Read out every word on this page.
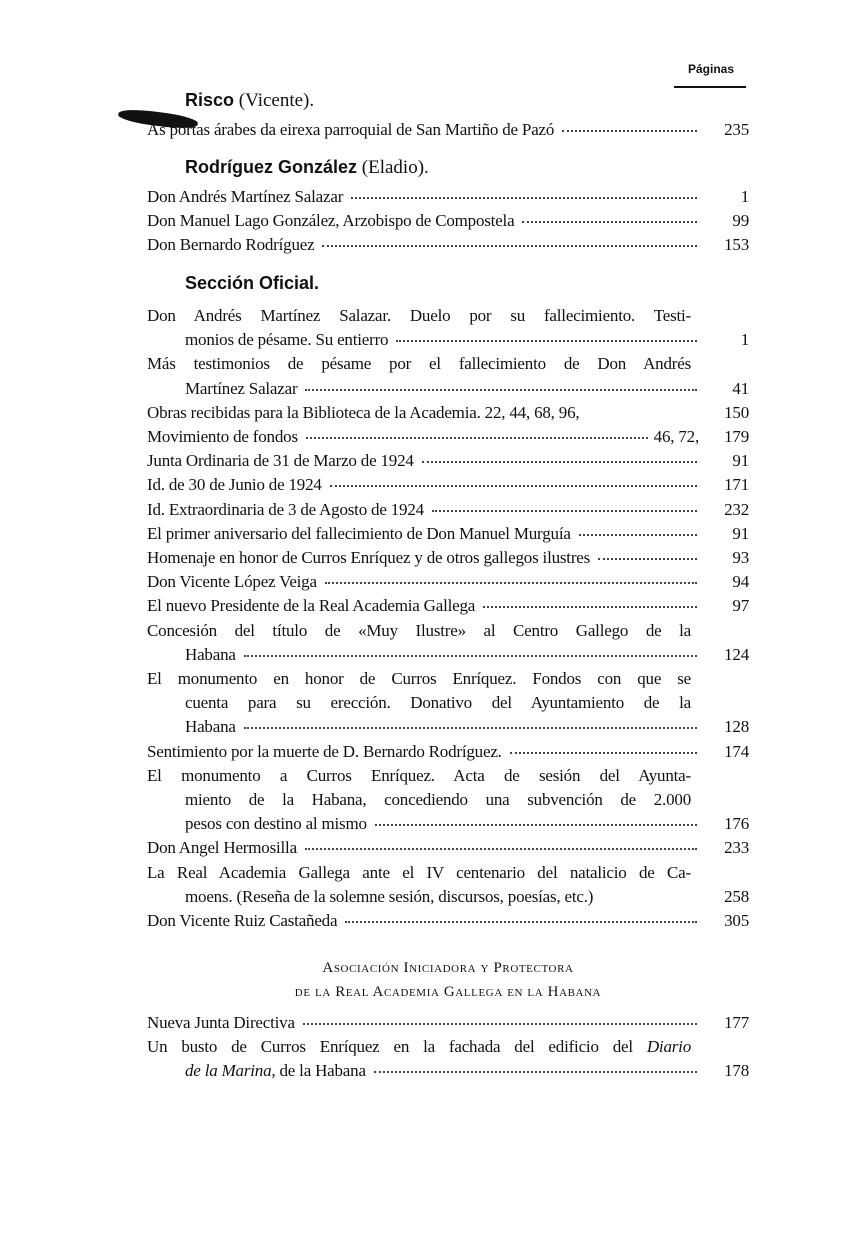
Páginas
Risco (Vicente).
As portas árabes da eirexa parroquial de San Martiño de Pazó	235
Rodríguez González (Eladio).
Don Andrés Martínez Salazar	1
Don Manuel Lago González, Arzobispo de Compostela	99
Don Bernardo Rodríguez	153
Sección Oficial.
Don Andrés Martínez Salazar. Duelo por su fallecimiento. Testi-
monios de pésame. Su entierro	1
Más testimonios de pésame por el fallecimiento de Don Andrés
Martínez Salazar	41
Obras recibidas para la Biblioteca de la Academia. 22, 44, 68, 96,	150
Movimiento de fondos	46, 72,	179
Junta Ordinaria de 31 de Marzo de 1924	91
Id. de 30 de Junio de 1924	171
Id. Extraordinaria de 3 de Agosto de 1924	232
El primer aniversario del fallecimiento de Don Manuel Murguía	91
Homenaje en honor de Curros Enríquez y de otros gallegos ilustres	93
Don Vicente López Veiga	94
El nuevo Presidente de la Real Academia Gallega	97
Concesión del título de «Muy Ilustre» al Centro Gallego de la
Habana	124
El monumento en honor de Curros Enríquez. Fondos con que se
cuenta para su erección. Donativo del Ayuntamiento de la
Habana	128
Sentimiento por la muerte de D. Bernardo Rodríguez.	174
El monumento a Curros Enríquez. Acta de sesión del Ayunta-
miento de la Habana, concediendo una subvención de 2.000
pesos con destino al mismo	176
Don Angel Hermosilla	233
La Real Academia Gallega ante el IV centenario del natalicio de Ca-
moens. (Reseña de la solemne sesión, discursos, poesías, etc.)	258
Don Vicente Ruiz Castañeda	305
Asociación Iniciadora y Protectora
de la Real Academia Gallega en la Habana
Nueva Junta Directiva	177
Un busto de Curros Enríquez en la fachada del edificio del Diario
de la Marina, de la Habana	178
